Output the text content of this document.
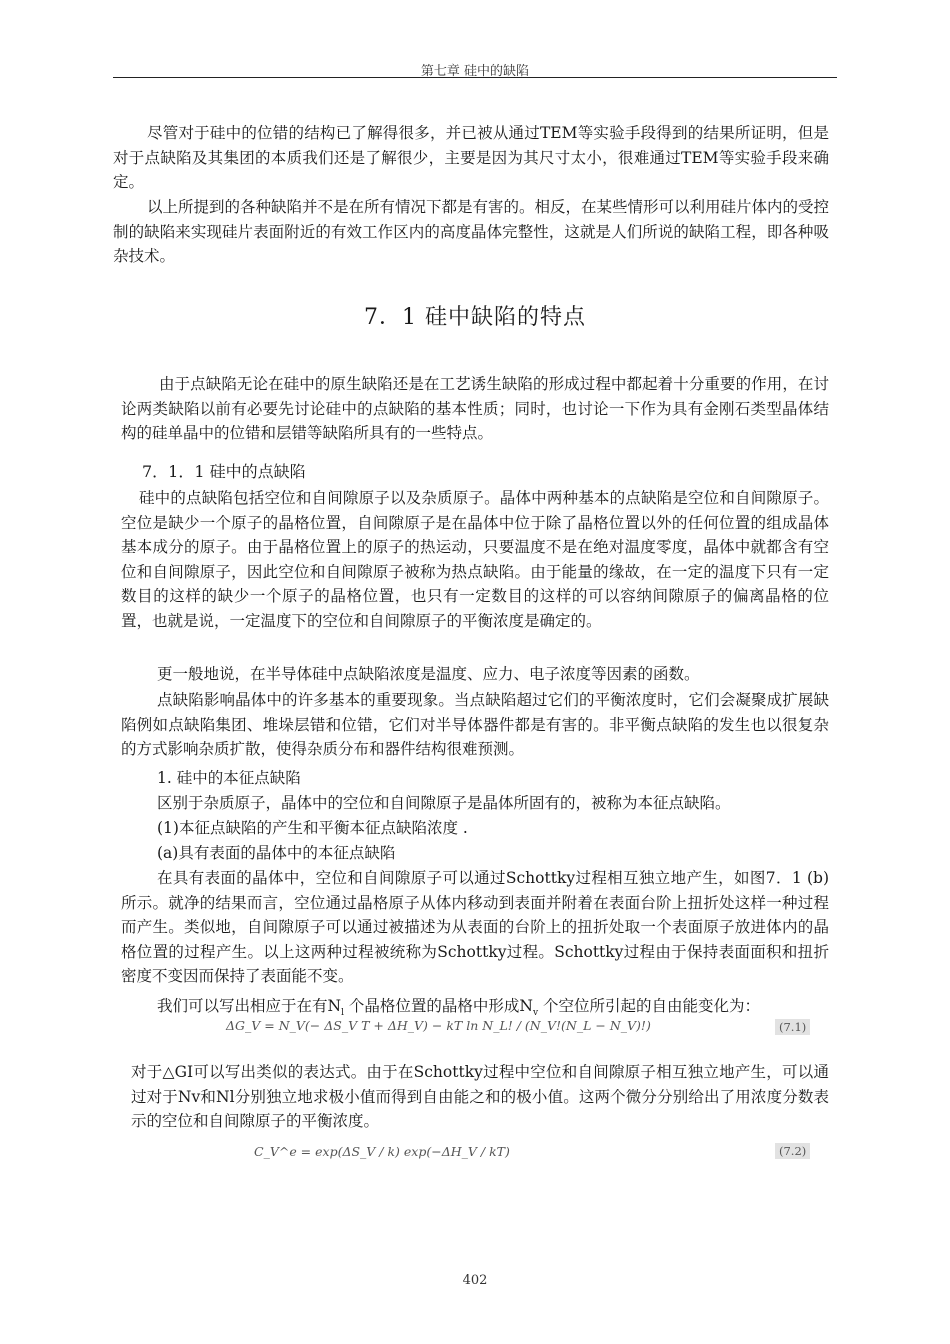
第七章 硅中的缺陷

尽管对于硅中的位错的结构已了解得很多，并已被从通过TEM等实验手段得到的结果所证明，但是对于点缺陷及其集团的本质我们还是了解很少，主要是因为其尺寸太小，很难通过TEM等实验手段来确定。

以上所提到的各种缺陷并不是在所有情况下都是有害的。相反，在某些情形可以利用硅片体内的受控制的缺陷来实现硅片表面附近的有效工作区内的高度晶体完整性，这就是人们所说的缺陷工程，即各种吸杂技术。

7．1 硅中缺陷的特点

由于点缺陷无论在硅中的原生缺陷还是在工艺诱生缺陷的形成过程中都起着十分重要的作用，在讨论两类缺陷以前有必要先讨论硅中的点缺陷的基本性质；同时，也讨论一下作为具有金刚石类型晶体结构的硅单晶中的位错和层错等缺陷所具有的一些特点。

7．1．1 硅中的点缺陷

硅中的点缺陷包括空位和自间隙原子以及杂质原子。晶体中两种基本的点缺陷是空位和自间隙原子。空位是缺少一个原子的晶格位置，自间隙原子是在晶体中位于除了晶格位置以外的任何位置的组成晶体基本成分的原子。由于晶格位置上的原子的热运动，只要温度不是在绝对温度零度，晶体中就都含有空位和自间隙原子，因此空位和自间隙原子被称为热点缺陷。由于能量的缘故，在一定的温度下只有一定数目的这样的缺少一个原子的晶格位置，也只有一定数目的这样的可以容纳间隙原子的偏离晶格的位置，也就是说，一定温度下的空位和自间隙原子的平衡浓度是确定的。

更一般地说，在半导体硅中点缺陷浓度是温度、应力、电子浓度等因素的函数。

点缺陷影响晶体中的许多基本的重要现象。当点缺陷超过它们的平衡浓度时，它们会凝聚成扩展缺陷例如点缺陷集团、堆垛层错和位错，它们对半导体器件都是有害的。非平衡点缺陷的发生也以很复杂的方式影响杂质扩散，使得杂质分布和器件结构很难预测。

1. 硅中的本征点缺陷

区别于杂质原子，晶体中的空位和自间隙原子是晶体所固有的，被称为本征点缺陷。

(1)本征点缺陷的产生和平衡本征点缺陷浓度 .

(a)具有表面的晶体中的本征点缺陷

在具有表面的晶体中，空位和自间隙原子可以通过Schottky过程相互独立地产生，如图7．1 (b)所示。就净的结果而言，空位通过晶格原子从体内移动到表面并附着在表面台阶上扭折处这样一种过程而产生。类似地，自间隙原子可以通过被描述为从表面的台阶上的扭折处取一个表面原子放进体内的晶格位置的过程产生。以上这两种过程被统称为Schottky过程。Schottky过程由于保持表面面积和扭折密度不变因而保持了表面能不变。

我们可以写出相应于在有$N_l$ 个晶格位置的晶格中形成$N_v$ 个空位所引起的自由能变化为：

ΔG_V = N_V(− ΔS_V T + ΔH_V) − kT ln N_L! / (N_V!(N_L − N_V)!)	(7.1)

对于△GI可以写出类似的表达式。由于在Schottky过程中空位和自间隙原子相互独立地产生，可以通过对于Nv和Nl分别独立地求极小值而得到自由能之和的极小值。这两个微分分别给出了用浓度分数表示的空位和自间隙原子的平衡浓度。

C_V^e = exp(ΔS_V / k) exp(−ΔH_V / kT)	(7.2)
402
